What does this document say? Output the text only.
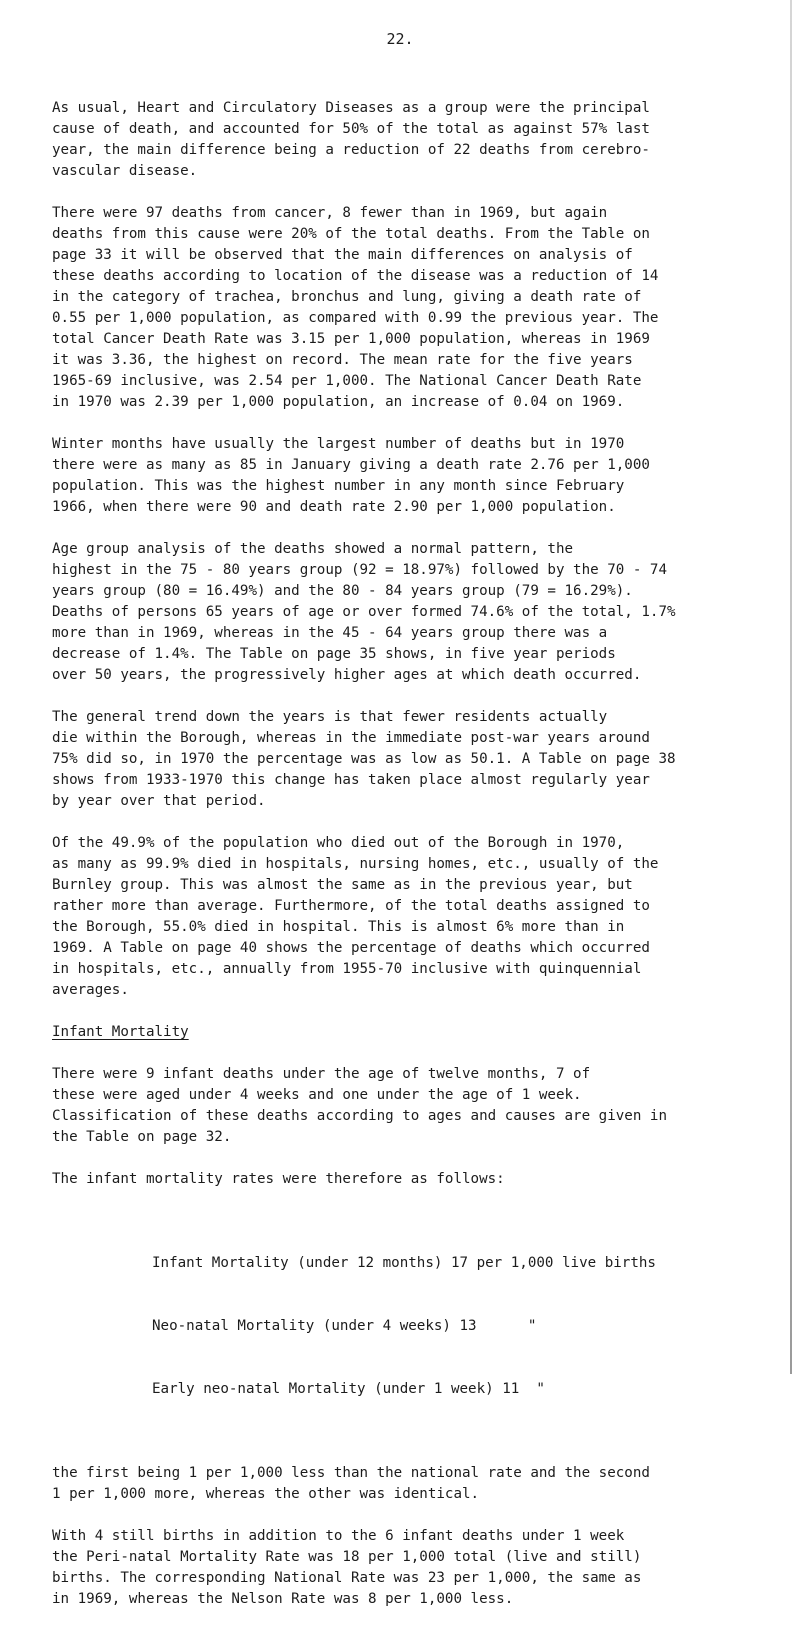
22.
As usual, Heart and Circulatory Diseases as a group were the principal
cause of death, and accounted for 50% of the total as against 57% last
year, the main difference being a reduction of 22 deaths from cerebro-
vascular disease.
There were 97 deaths from cancer, 8 fewer than in 1969, but again
deaths from this cause were 20% of the total deaths. From the Table on
page 33 it will be observed that the main differences on analysis of
these deaths according to location of the disease was a reduction of 14
in the category of trachea, bronchus and lung, giving a death rate of
0.55 per 1,000 population, as compared with 0.99 the previous year. The
total Cancer Death Rate was 3.15 per 1,000 population, whereas in 1969
it was 3.36, the highest on record. The mean rate for the five years
1965-69 inclusive, was 2.54 per 1,000. The National Cancer Death Rate
in 1970 was 2.39 per 1,000 population, an increase of 0.04 on 1969.
Winter months have usually the largest number of deaths but in 1970
there were as many as 85 in January giving a death rate 2.76 per 1,000
population. This was the highest number in any month since February
1966, when there were 90 and death rate 2.90 per 1,000 population.
Age group analysis of the deaths showed a normal pattern, the
highest in the 75 - 80 years group (92 = 18.97%) followed by the 70 - 74
years group (80 = 16.49%) and the 80 - 84 years group (79 = 16.29%).
Deaths of persons 65 years of age or over formed 74.6% of the total, 1.7%
more than in 1969, whereas in the 45 - 64 years group there was a
decrease of 1.4%. The Table on page 35 shows, in five year periods
over 50 years, the progressively higher ages at which death occurred.
The general trend down the years is that fewer residents actually
die within the Borough, whereas in the immediate post-war years around
75% did so, in 1970 the percentage was as low as 50.1. A Table on page 38
shows from 1933-1970 this change has taken place almost regularly year
by year over that period.
Of the 49.9% of the population who died out of the Borough in 1970,
as many as 99.9% died in hospitals, nursing homes, etc., usually of the
Burnley group. This was almost the same as in the previous year, but
rather more than average. Furthermore, of the total deaths assigned to
the Borough, 55.0% died in hospital. This is almost 6% more than in
1969. A Table on page 40 shows the percentage of deaths which occurred
in hospitals, etc., annually from 1955-70 inclusive with quinquennial
averages.
Infant Mortality
There were 9 infant deaths under the age of twelve months, 7 of
these were aged under 4 weeks and one under the age of 1 week.
Classification of these deaths according to ages and causes are given in
the Table on page 32.
The infant mortality rates were therefore as follows:

Infant Mortality (under 12 months) 17 per 1,000 live births

Neo-natal Mortality (under 4 weeks) 13      "

Early neo-natal Mortality (under 1 week) 11  "

the first being 1 per 1,000 less than the national rate and the second
1 per 1,000 more, whereas the other was identical.
With 4 still births in addition to the 6 infant deaths under 1 week
the Peri-natal Mortality Rate was 18 per 1,000 total (live and still)
births. The corresponding National Rate was 23 per 1,000, the same as
in 1969, whereas the Nelson Rate was 8 per 1,000 less.
